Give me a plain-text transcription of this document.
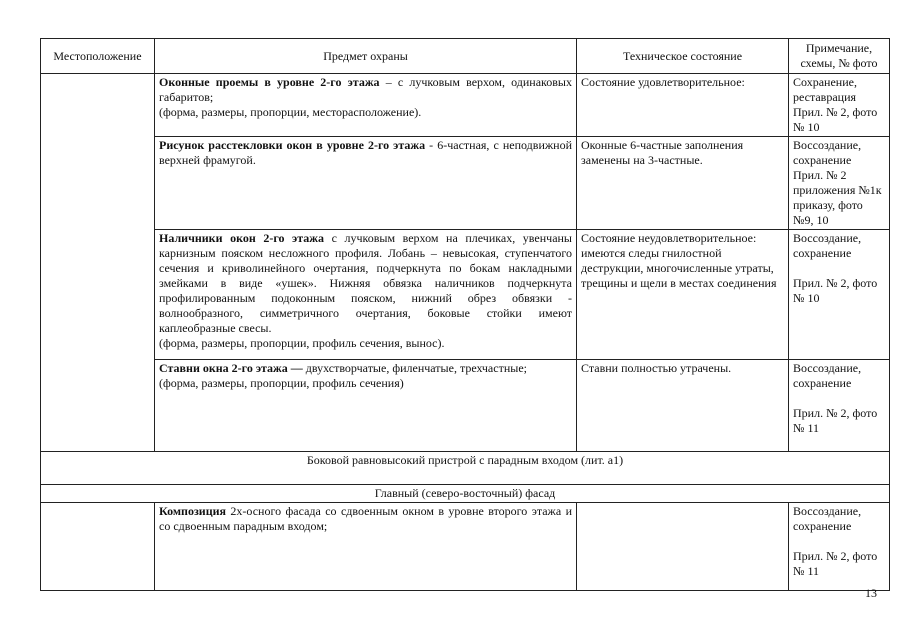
Местоположение	Предмет охраны	Техническое состояние	Примечание, схемы, № фото
	Оконные проемы в уровне 2-го этажа – с лучковым верхом, одинаковых габаритов;
(форма, размеры, пропорции, месторасположение).	Состояние удовлетворительное:	Сохранение, реставрация
Прил. № 2, фото № 10
	Рисунок расстекловки окон в уровне 2-го этажа - 6-частная, с неподвижной верхней фрамугой.	Оконные 6-частные заполнения заменены на 3-частные.	Воссоздание, сохранение
Прил. № 2 приложения №1к приказу, фото №9, 10
	Наличники окон 2-го этажа с лучковым верхом на плечиках, увенчаны карнизным пояском несложного профиля. Лобань – невысокая, ступенчатого сечения и криволинейного очертания, подчеркнута по бокам накладными змейками в виде «ушек». Нижняя обвязка наличников подчеркнута профилированным подоконным пояском, нижний обрез обвязки - волнообразного, симметричного очертания, боковые стойки имеют каплеобразные свесы.
(форма, размеры, пропорции, профиль сечения, вынос).	Состояние неудовлетворительное: имеются следы гнилостной деструкции, многочисленные утраты, трещины и щели в местах соединения	Воссоздание, сохранение

Прил. № 2, фото № 10
	Ставни окна 2-го этажа — двухстворчатые, филенчатые, трехчастные;
(форма, размеры, пропорции, профиль сечения)	Ставни полностью утрачены.	Воссоздание, сохранение

Прил. № 2, фото № 11
Боковой равновысокий пристрой с парадным входом (лит. а1)			
Главный (северо-восточный) фасад			
	Композиция 2х-осного фасада со сдвоенным окном в уровне второго этажа и со сдвоенным парадным входом;		Воссоздание, сохранение

Прил. № 2, фото № 11
13
